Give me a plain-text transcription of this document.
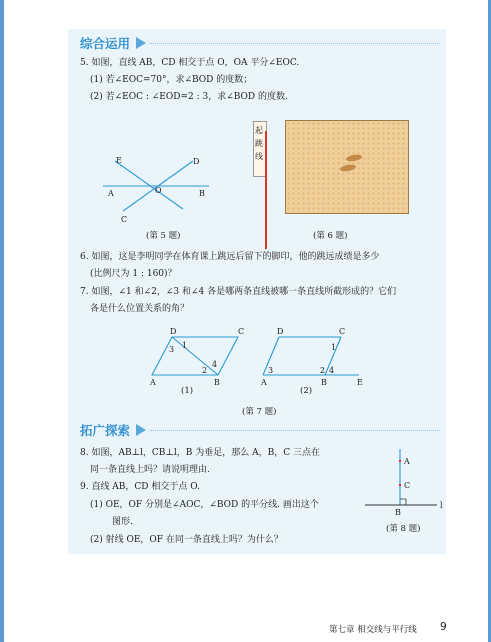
综合运用
5. 如图，直线 AB，CD 相交于点 O，OA 平分∠EOC.
(1) 若∠EOC=70°，求∠BOD 的度数；
(2) 若∠EOC : ∠EOD=2 : 3，求∠BOD 的度数.
E	D
A	O	B
C
(第 5 题)
起跳线
(第 6 题)
6. 如图，这是李明同学在体育课上跳远后留下的脚印，他的跳远成绩是多少
(比例尺为 1 : 160)？
7. 如图，∠1 和∠2，∠3 和∠4 各是哪两条直线被哪一条直线所截形成的？它们
各是什么位置关系的角？
D	C
A	B
1
2
3
4
(1)
D	C
A	B	E
1
2
3	4
(2)
(第 7 题)
拓广探索
8. 如图，AB⊥l，CB⊥l，B 为垂足，那么 A，B，C 三点在
同一条直线上吗？请说明理由.
9. 直线 AB，CD 相交于点 O.
(1) OE，OF 分别是∠AOC，∠BOD 的平分线. 画出这个
图形.
(2) 射线 OE，OF 在同一条直线上吗？为什么？
A
C
B
l
(第 8 题)
第七章 相交线与平行线 9
